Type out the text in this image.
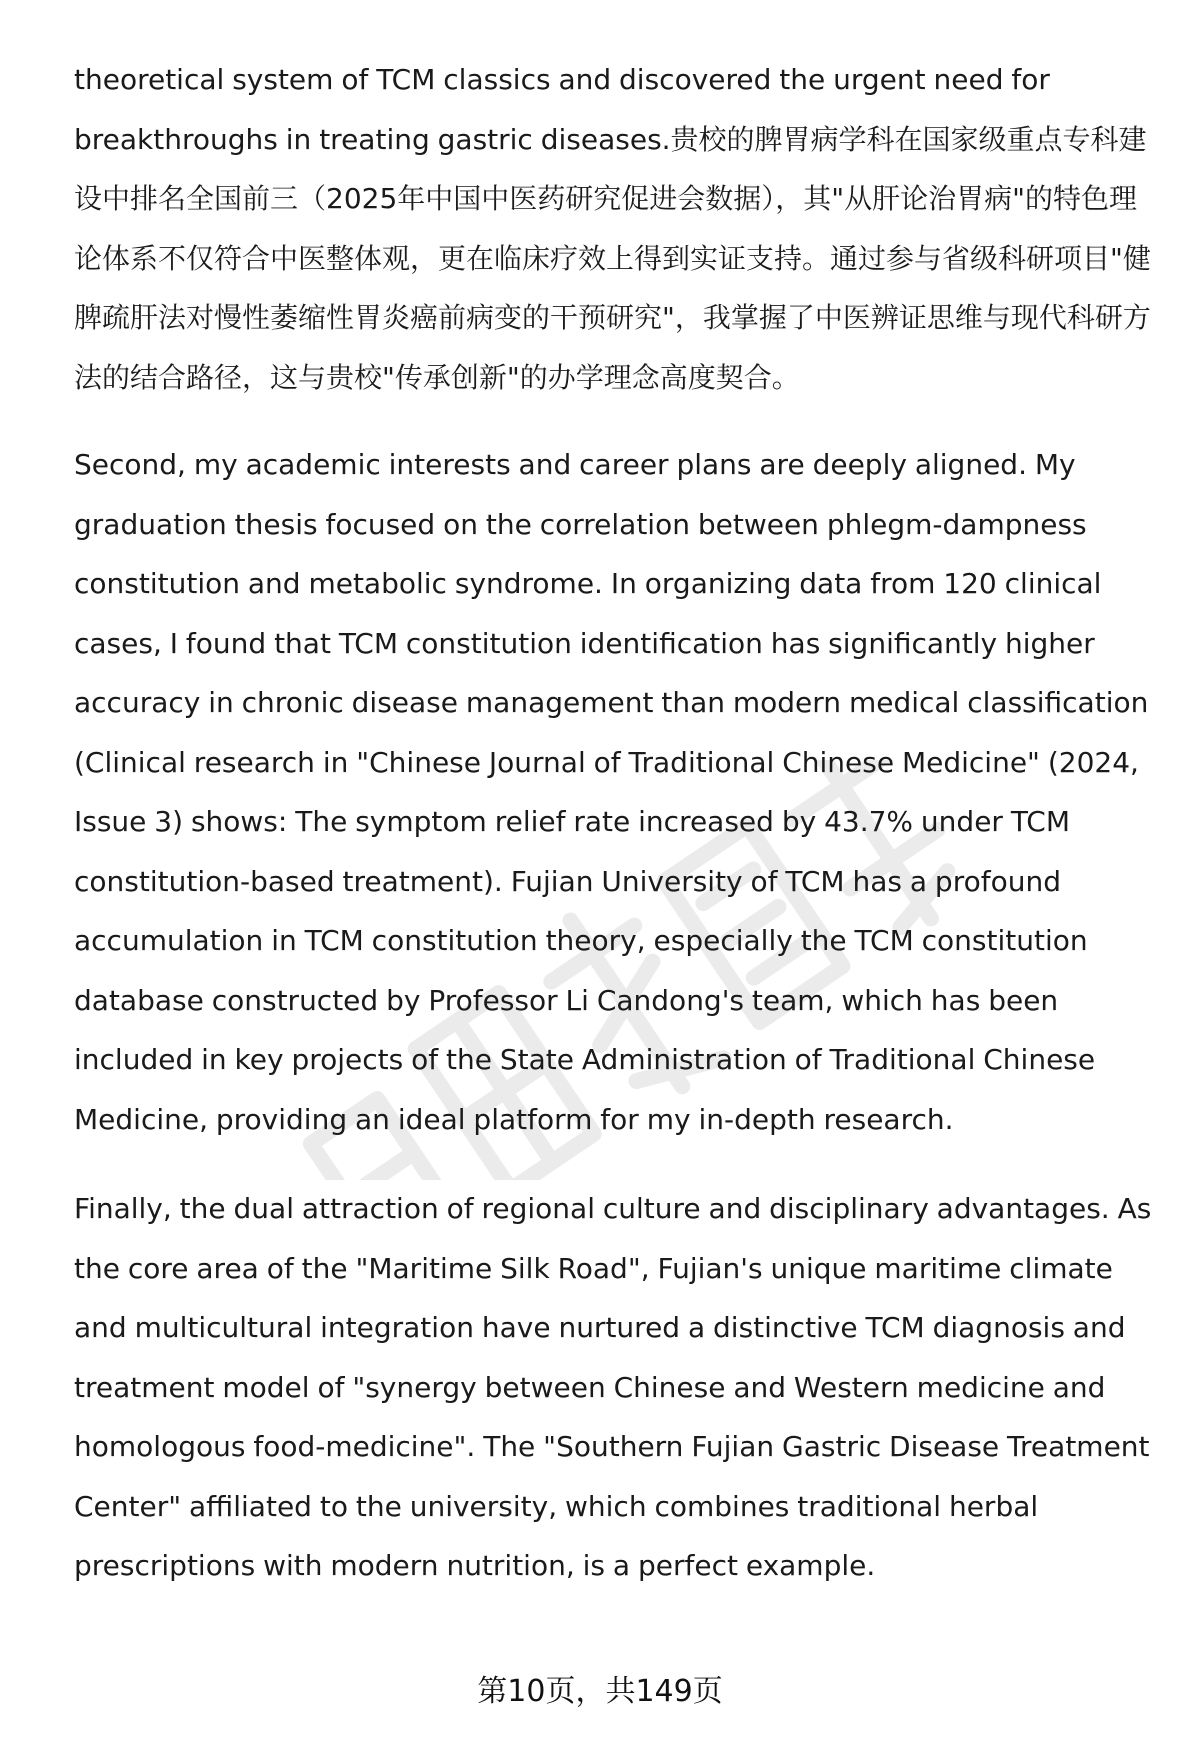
theoretical system of TCM classics and discovered the urgent need for breakthroughs in treating gastric diseases.贵校的脾胃病学科在国家级重点专科建设中排名全国前三（2025年中国中医药研究促进会数据），其"从肝论治胃病"的特色理论体系不仅符合中医整体观，更在临床疗效上得到实证支持。通过参与省级科研项目"健脾疏肝法对慢性萎缩性胃炎癌前病变的干预研究"，我掌握了中医辨证思维与现代科研方法的结合路径，这与贵校"传承创新"的办学理念高度契合。

Second, my academic interests and career plans are deeply aligned. My graduation thesis focused on the correlation between phlegm-dampness constitution and metabolic syndrome. In organizing data from 120 clinical cases, I found that TCM constitution identification has significantly higher accuracy in chronic disease management than modern medical classification (Clinical research in "Chinese Journal of Traditional Chinese Medicine" (2024, Issue 3) shows: The symptom relief rate increased by 43.7% under TCM constitution-based treatment). Fujian University of TCM has a profound accumulation in TCM constitution theory, especially the TCM constitution database constructed by Professor Li Candong's team, which has been included in key projects of the State Administration of Traditional Chinese Medicine, providing an ideal platform for my in-depth research.

Finally, the dual attraction of regional culture and disciplinary advantages. As the core area of the "Maritime Silk Road", Fujian's unique maritime climate and multicultural integration have nurtured a distinctive TCM diagnosis and treatment model of "synergy between Chinese and Western medicine and homologous food-medicine". The "Southern Fujian Gastric Disease Treatment Center" affiliated to the university, which combines traditional herbal prescriptions with modern nutrition, is a perfect example.

第10页，共149页
